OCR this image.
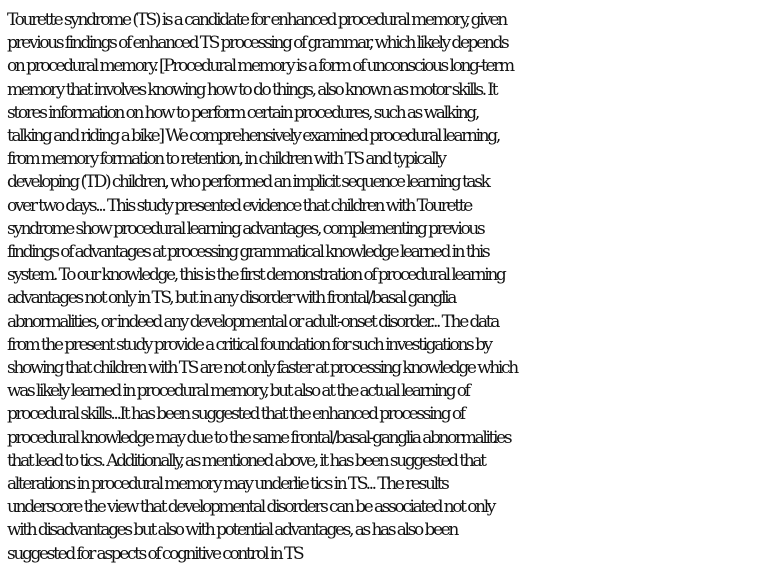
Tourette syndrome (TS) is a candidate for enhanced procedural memory, given
previous findings of enhanced TS processing of grammar, which likely depends
on procedural memory. [Procedural memory is a form of unconscious long-term
memory that involves knowing how to do things, also known as motor skills. It
stores information on how to perform certain procedures, such as walking,
talking and riding a bike] We comprehensively examined procedural learning,
from memory formation to retention, in children with TS and typically
developing (TD) children, who performed an implicit sequence learning task
over two days... This study presented evidence that children with Tourette
syndrome show procedural learning advantages, complementing previous
findings of advantages at processing grammatical knowledge learned in this
system. To our knowledge, this is the first demonstration of procedural learning
advantages not only in TS, but in any disorder with frontal/basal ganglia
abnormalities, or indeed any developmental or adult-onset disorder... The data
from the present study provide a critical foundation for such investigations by
showing that children with TS are not only faster at processing knowledge which
was likely learned in procedural memory, but also at the actual learning of
procedural skills...It has been suggested that the enhanced processing of
procedural knowledge may due to the same frontal/basal-ganglia abnormalities
that lead to tics. Additionally, as mentioned above, it has been suggested that
alterations in procedural memory may underlie tics in TS... The results
underscore the view that developmental disorders can be associated not only
with disadvantages but also with potential advantages, as has also been
suggested for aspects of cognitive control in TS
